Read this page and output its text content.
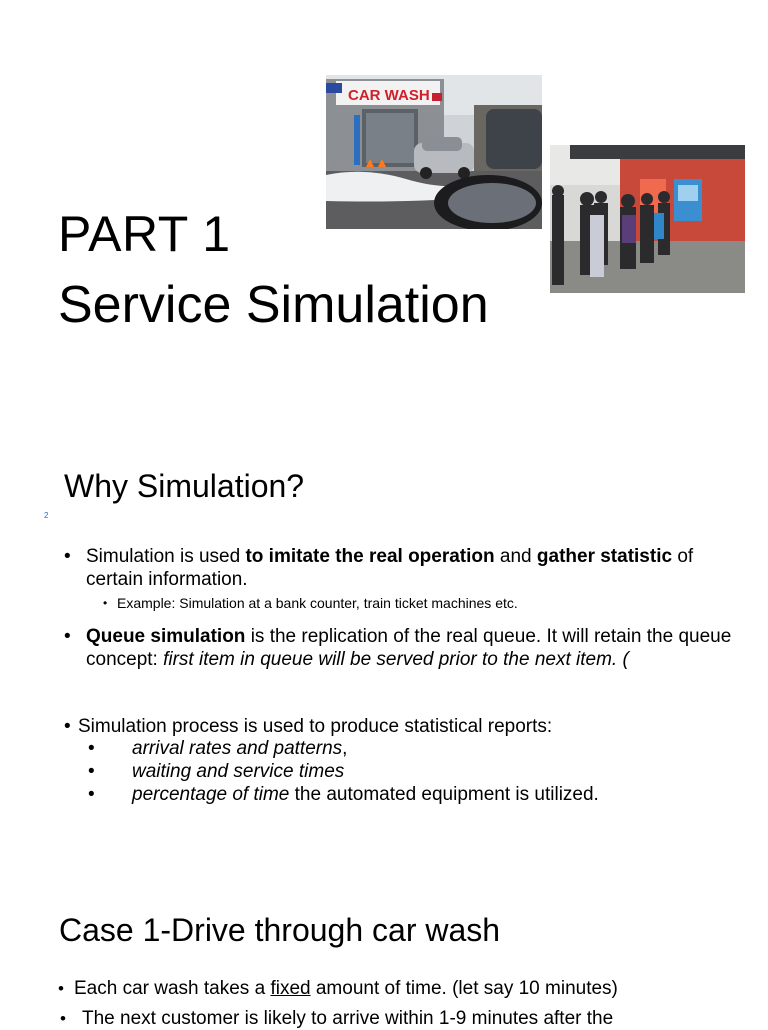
CAR WASH
PART 1
Service Simulation
Why Simulation?
2
• Simulation is used to imitate the real operation and gather statistic of certain information.
• Example: Simulation at a bank counter, train ticket machines etc.
• Queue simulation is the replication of the real queue. It will retain the queue concept: first item in queue will be served prior to the next item. (
• Simulation process is used to produce statistical reports:
• arrival rates and patterns,
• waiting and service times
• percentage of time the automated equipment is utilized.
Case 1-Drive through car wash
• Each car wash takes a fixed amount of time. (let say 10 minutes)
• The next customer is likely to arrive within 1-9 minutes after the
